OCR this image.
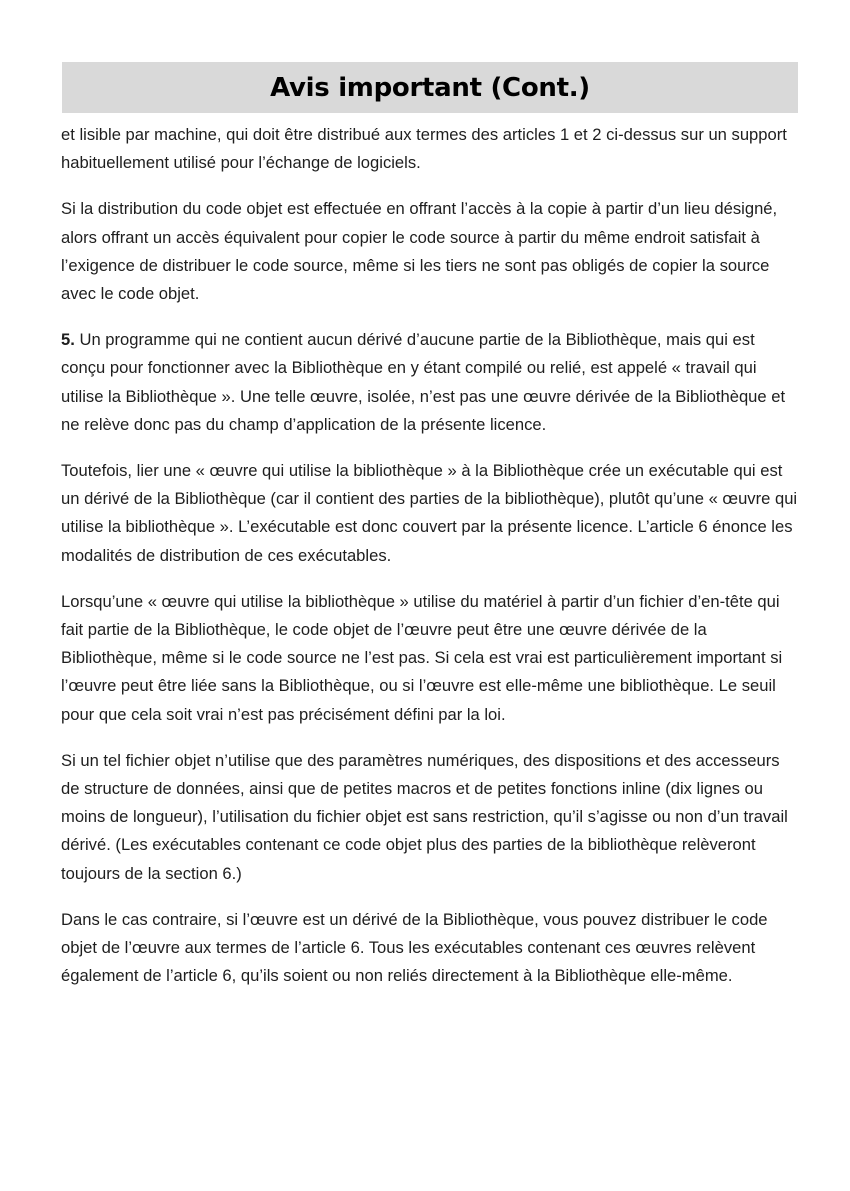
Avis important (Cont.)

et lisible par machine, qui doit être distribué aux termes des articles 1 et 2 ci-dessus sur un support habituellement utilisé pour l’échange de logiciels.

Si la distribution du code objet est effectuée en offrant l’accès à la copie à partir d’un lieu désigné, alors offrant un accès équivalent pour copier le code source à partir du même endroit satisfait à l’exigence de distribuer le code source, même si les tiers ne sont pas obligés de copier la source avec le code objet.

5. Un programme qui ne contient aucun dérivé d’aucune partie de la Bibliothèque, mais qui est conçu pour fonctionner avec la Bibliothèque en y étant compilé ou relié, est appelé « travail qui utilise la Bibliothèque ». Une telle œuvre, isolée, n’est pas une œuvre dérivée de la Bibliothèque et ne relève donc pas du champ d’application de la présente licence.

Toutefois, lier une « œuvre qui utilise la bibliothèque » à la Bibliothèque crée un exécutable qui est un dérivé de la Bibliothèque (car il contient des parties de la bibliothèque), plutôt qu’une « œuvre qui utilise la bibliothèque ». L’exécutable est donc couvert par la présente licence. L’article 6 énonce les modalités de distribution de ces exécutables.

Lorsqu’une « œuvre qui utilise la bibliothèque » utilise du matériel à partir d’un fichier d’en-tête qui fait partie de la Bibliothèque, le code objet de l’œuvre peut être une œuvre dérivée de la Bibliothèque, même si le code source ne l’est pas. Si cela est vrai est particulièrement important si l’œuvre peut être liée sans la Bibliothèque, ou si l’œuvre est elle-même une bibliothèque. Le seuil pour que cela soit vrai n’est pas précisément défini par la loi.

Si un tel fichier objet n’utilise que des paramètres numériques, des dispositions et des accesseurs de structure de données, ainsi que de petites macros et de petites fonctions inline (dix lignes ou moins de longueur), l’utilisation du fichier objet est sans restriction, qu’il s’agisse ou non d’un travail dérivé. (Les exécutables contenant ce code objet plus des parties de la bibliothèque relèveront toujours de la section 6.)

Dans le cas contraire, si l’œuvre est un dérivé de la Bibliothèque, vous pouvez distribuer le code objet de l’œuvre aux termes de l’article 6. Tous les exécutables contenant ces œuvres relèvent également de l’article 6, qu’ils soient ou non reliés directement à la Bibliothèque elle-même.
